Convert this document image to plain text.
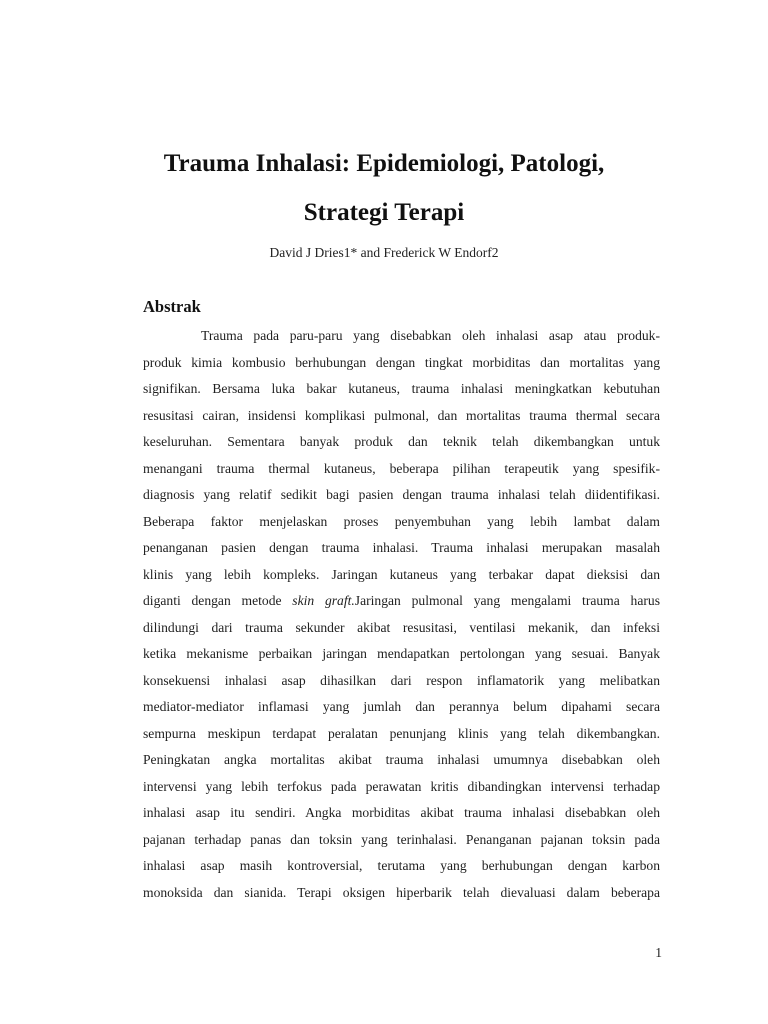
Trauma Inhalasi: Epidemiologi, Patologi,
Strategi Terapi
David J Dries1* and Frederick W Endorf2
Abstrak
Trauma pada paru-paru yang disebabkan oleh inhalasi asap atau produk-
produk kimia kombusio berhubungan dengan tingkat morbiditas dan mortalitas yang
signifikan. Bersama luka bakar kutaneus, trauma inhalasi meningkatkan kebutuhan
resusitasi cairan, insidensi komplikasi pulmonal, dan mortalitas trauma thermal secara
keseluruhan. Sementara banyak produk dan teknik telah dikembangkan untuk
menangani trauma thermal kutaneus, beberapa pilihan terapeutik yang spesifik-
diagnosis yang relatif sedikit bagi pasien dengan trauma inhalasi telah diidentifikasi.
Beberapa faktor menjelaskan proses penyembuhan yang lebih lambat dalam
penanganan pasien dengan trauma inhalasi. Trauma inhalasi merupakan masalah
klinis yang lebih kompleks. Jaringan kutaneus yang terbakar dapat dieksisi dan
diganti dengan metode skin graft.Jaringan pulmonal yang mengalami trauma harus
dilindungi dari trauma sekunder akibat resusitasi, ventilasi mekanik, dan infeksi
ketika mekanisme perbaikan jaringan mendapatkan pertolongan yang sesuai. Banyak
konsekuensi inhalasi asap dihasilkan dari respon inflamatorik yang melibatkan
mediator-mediator inflamasi yang jumlah dan perannya belum dipahami secara
sempurna meskipun terdapat peralatan penunjang klinis yang telah dikembangkan.
Peningkatan angka mortalitas akibat trauma inhalasi umumnya disebabkan oleh
intervensi yang lebih terfokus pada perawatan kritis dibandingkan intervensi terhadap
inhalasi asap itu sendiri. Angka morbiditas akibat trauma inhalasi disebabkan oleh
pajanan terhadap panas dan toksin yang terinhalasi. Penanganan pajanan toksin pada
inhalasi asap masih kontroversial, terutama yang berhubungan dengan karbon
monoksida dan sianida. Terapi oksigen hiperbarik telah dievaluasi dalam beberapa
1
